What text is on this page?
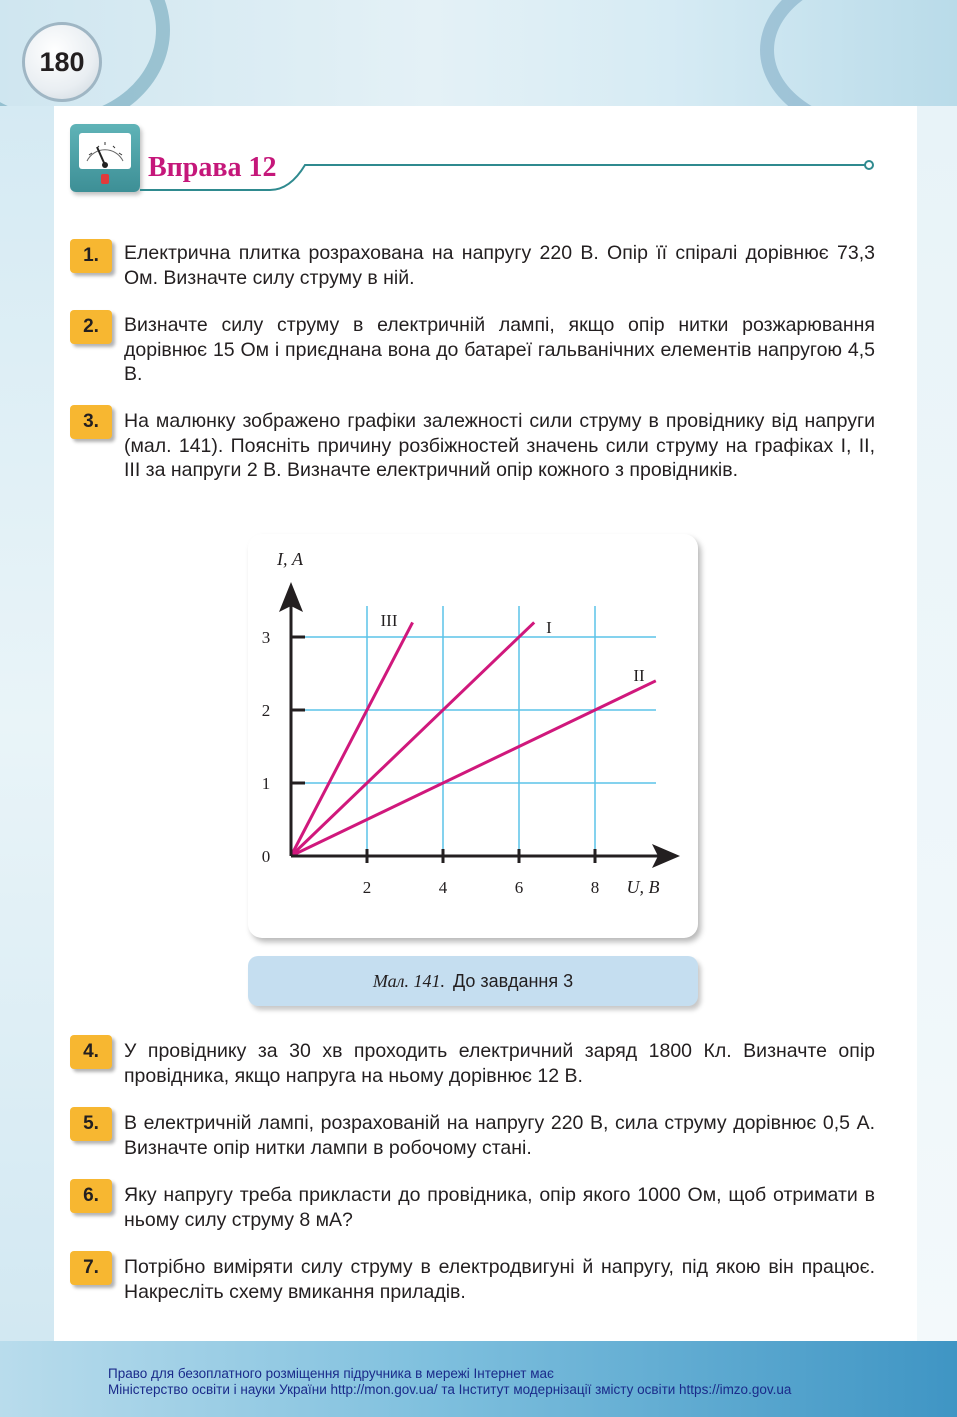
180
Вправа 12
1.	Електрична плитка розрахована на напругу 220 В. Опір її спіралі дорівнює 73,3 Ом. Визначте силу струму в ній.
2.	Визначте силу струму в електричній лампі, якщо опір нитки розжарювання дорівнює 15 Ом і приєднана вона до батареї гальванічних елементів напругою 4,5 В.
3.	На малюнку зображено графіки залежності сили струму в провіднику від напруги (мал. 141). Поясніть причину розбіжностей значень сили струму на графіках І, ІІ, ІІІ за напруги 2 В. Визначте електричний опір кожного з провідників.
2	4	6	8
1
2
3
0
U, В
I, А
I
II
III
Мал. 141. До завдання 3
4.	У провіднику за 30 хв проходить електричний заряд 1800 Кл. Визначте опір провідника, якщо напруга на ньому дорівнює 12 В.
5.	В електричній лампі, розрахованій на напругу 220 В, сила струму дорівнює 0,5 А. Визначте опір нитки лампи в робочому стані.
6.	Яку напругу треба прикласти до провідника, опір якого 1000 Ом, щоб отримати в ньому силу струму 8 мА?
7.	Потрібно виміряти силу струму в електродвигуні й напругу, під якою він працює. Накресліть схему вмикання приладів.
Право для безоплатного розміщення підручника в мережі Інтернет має
Міністерство освіти і науки України http://mon.gov.ua/ та Інститут модернізації змісту освіти https://imzo.gov.ua
